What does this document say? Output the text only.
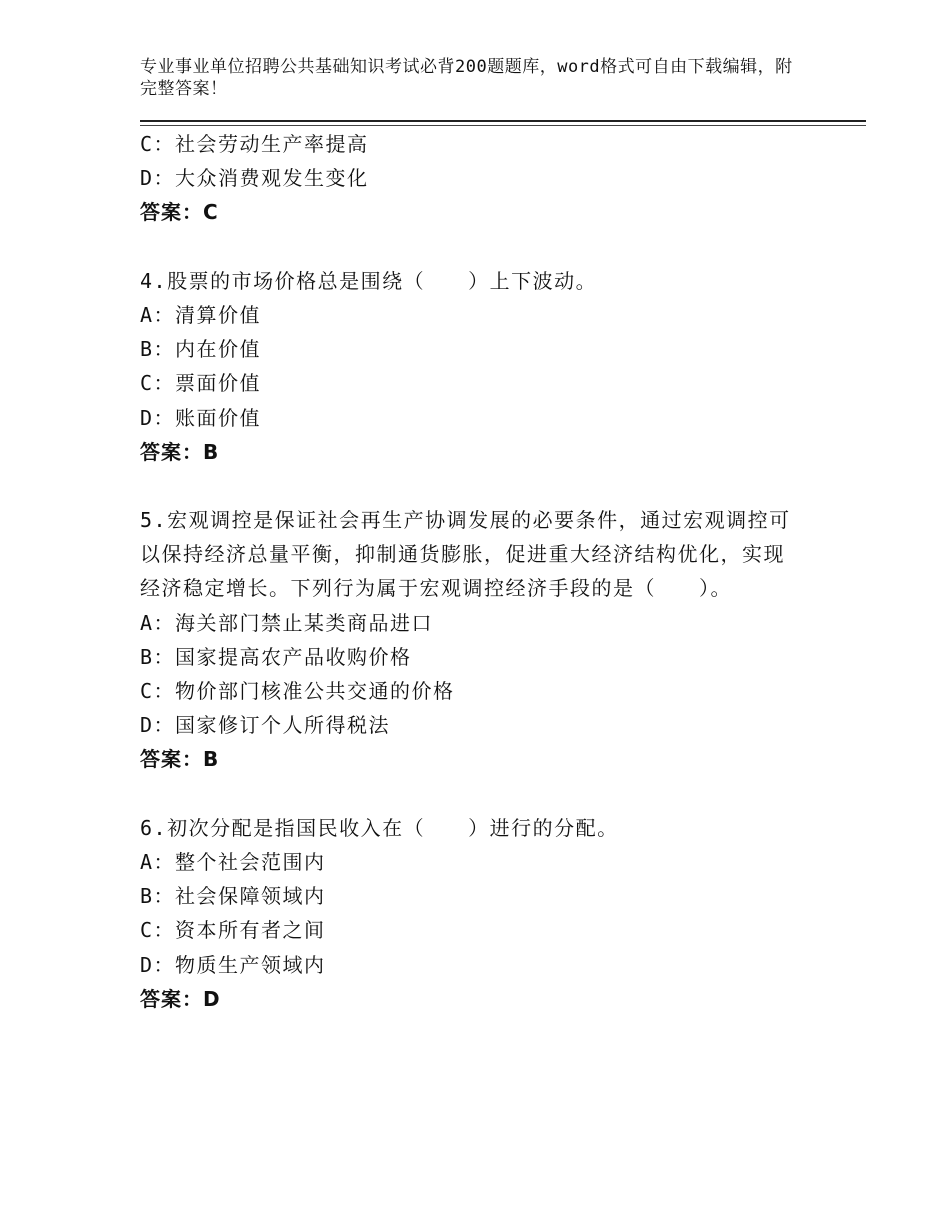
专业事业单位招聘公共基础知识考试必背200题题库，word格式可自由下载编辑，附完整答案！
C：社会劳动生产率提高
D：大众消费观发生变化
答案：C
4.股票的市场价格总是围绕（　　）上下波动。
A：清算价值
B：内在价值
C：票面价值
D：账面价值
答案：B
5.宏观调控是保证社会再生产协调发展的必要条件，通过宏观调控可
以保持经济总量平衡，抑制通货膨胀，促进重大经济结构优化，实现
经济稳定增长。下列行为属于宏观调控经济手段的是（　　）。
A：海关部门禁止某类商品进口
B：国家提高农产品收购价格
C：物价部门核准公共交通的价格
D：国家修订个人所得税法
答案：B
6.初次分配是指国民收入在（　　）进行的分配。
A：整个社会范围内
B：社会保障领域内
C：资本所有者之间
D：物质生产领域内
答案：D
